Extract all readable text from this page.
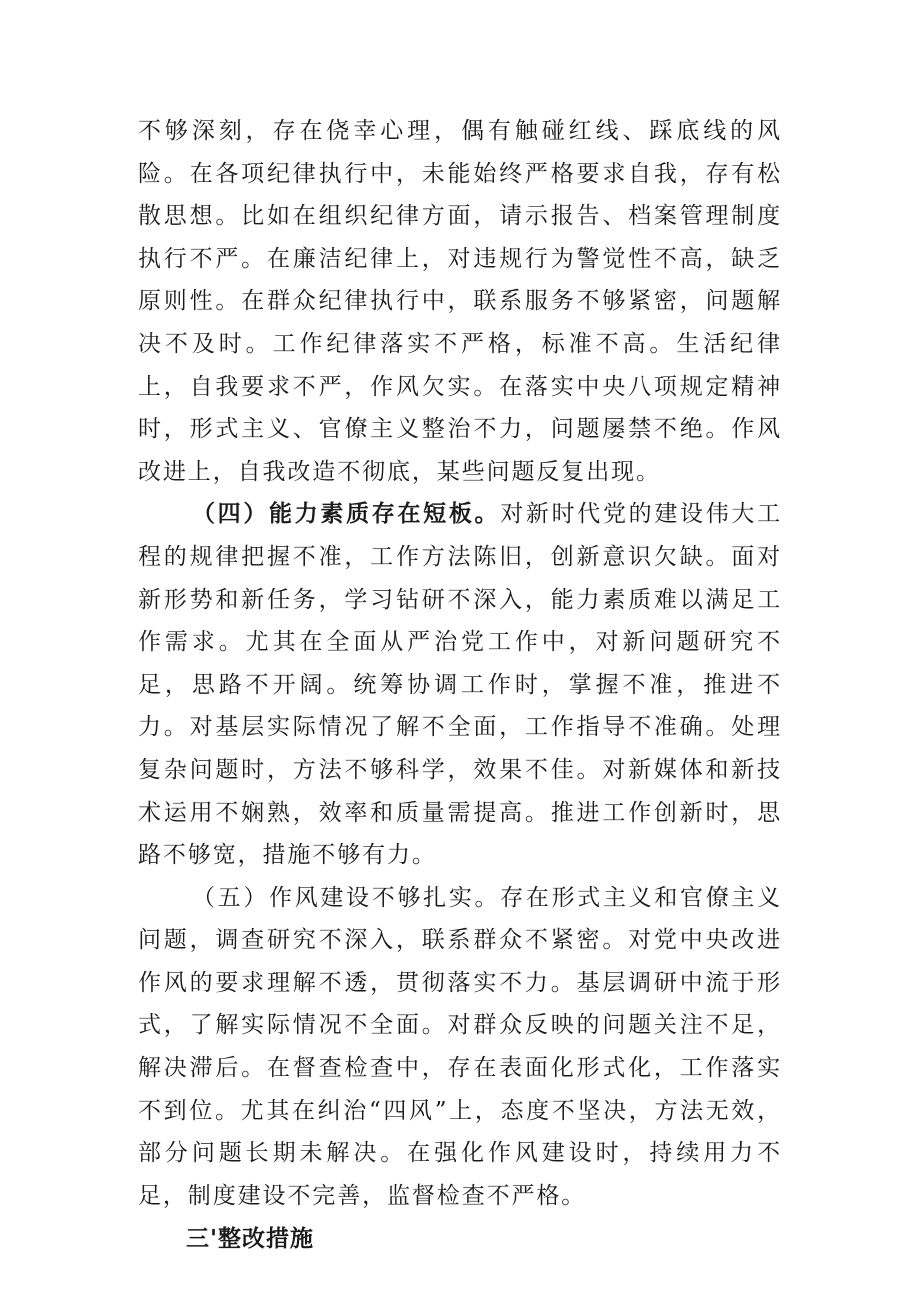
不够深刻，存在侥幸心理，偶有触碰红线、踩底线的风险。在各项纪律执行中，未能始终严格要求自我，存有松散思想。比如在组织纪律方面，请示报告、档案管理制度执行不严。在廉洁纪律上，对违规行为警觉性不高，缺乏原则性。在群众纪律执行中，联系服务不够紧密，问题解决不及时。工作纪律落实不严格，标准不高。生活纪律上，自我要求不严，作风欠实。在落实中央八项规定精神时，形式主义、官僚主义整治不力，问题屡禁不绝。作风改进上，自我改造不彻底，某些问题反复出现。

（四）能力素质存在短板。对新时代党的建设伟大工程的规律把握不准，工作方法陈旧，创新意识欠缺。面对新形势和新任务，学习钻研不深入，能力素质难以满足工作需求。尤其在全面从严治党工作中，对新问题研究不足，思路不开阔。统筹协调工作时，掌握不准，推进不力。对基层实际情况了解不全面，工作指导不准确。处理复杂问题时，方法不够科学，效果不佳。对新媒体和新技术运用不娴熟，效率和质量需提高。推进工作创新时，思路不够宽，措施不够有力。

（五）作风建设不够扎实。存在形式主义和官僚主义问题，调查研究不深入，联系群众不紧密。对党中央改进作风的要求理解不透，贯彻落实不力。基层调研中流于形式，了解实际情况不全面。对群众反映的问题关注不足，解决滞后。在督查检查中，存在表面化形式化，工作落实不到位。尤其在纠治“四风”上，态度不坚决，方法无效，部分问题长期未解决。在强化作风建设时，持续用力不足，制度建设不完善，监督检查不严格。

三'整改措施
